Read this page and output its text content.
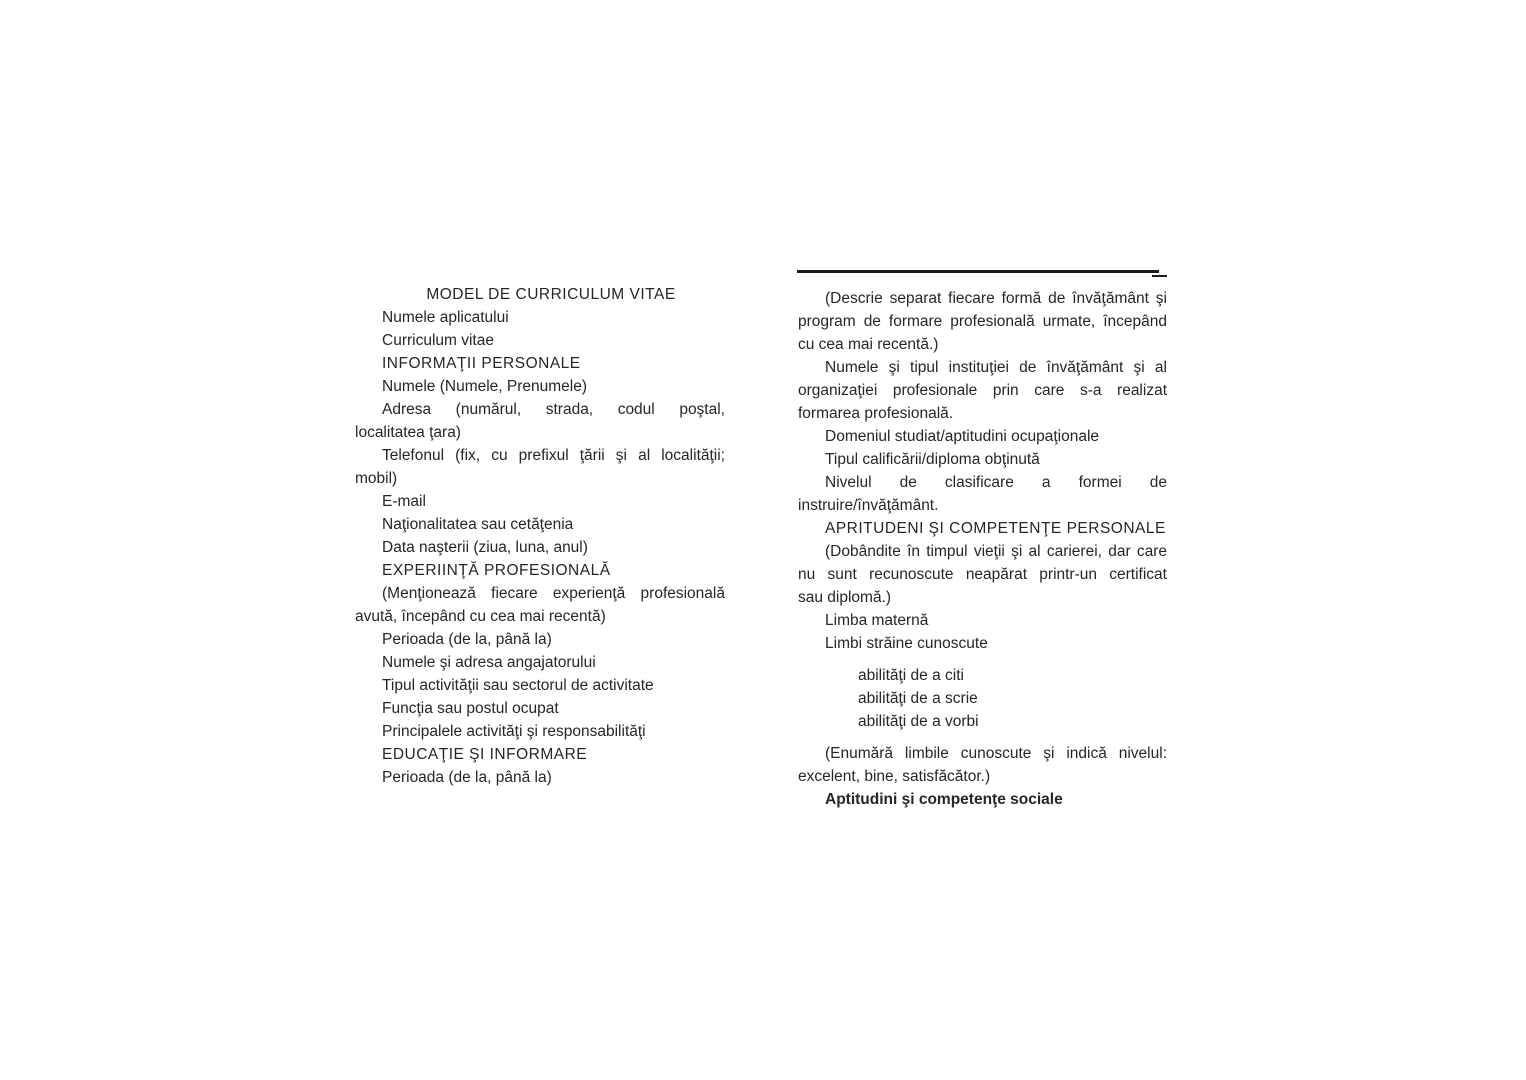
MODEL DE CURRICULUM VITAE
Numele aplicatului
Curriculum vitae
INFORMAŢII PERSONALE
Numele (Numele, Prenumele)
Adresa (numărul, strada, codul poştal,
localitatea ţara)
Telefonul (fix, cu prefixul ţării şi al localităţii;
mobil)
E-mail
Naţionalitatea sau cetăţenia
Data naşterii (ziua, luna, anul)
EXPERIINŢĂ PROFESIONALĂ
(Menţionează fiecare experienţă profesională
avută, începând cu cea mai recentă)
Perioada (de la, până la)
Numele şi adresa angajatorului
Tipul activităţii sau sectorul de activitate
Funcţia sau postul ocupat
Principalele activităţi şi responsabilităţi
EDUCAŢIE ŞI INFORMARE
Perioada (de la, până la)
(Descrie separat fiecare formă de învăţământ şi
program de formare profesională urmate, începând
cu cea mai recentă.)
Numele şi tipul instituţiei de învăţământ şi al
organizaţiei profesionale prin care s-a realizat
formarea profesională.
Domeniul studiat/aptitudini ocupaţionale
Tipul calificării/diploma obţinută
Nivelul de clasificare a formei de
instruire/învăţământ.
APRITUDENI ŞI COMPETENŢE PERSONALE
(Dobândite în timpul vieţii şi al carierei, dar care
nu sunt recunoscute neapărat printr-un certificat
sau diplomă.)
Limba maternă
Limbi străine cunoscute
abilităţi de a citi
abilităţi de a scrie
abilităţi de a vorbi
(Enumără limbile cunoscute şi indică nivelul:
excelent, bine, satisfăcător.)
Aptitudini şi competenţe sociale
